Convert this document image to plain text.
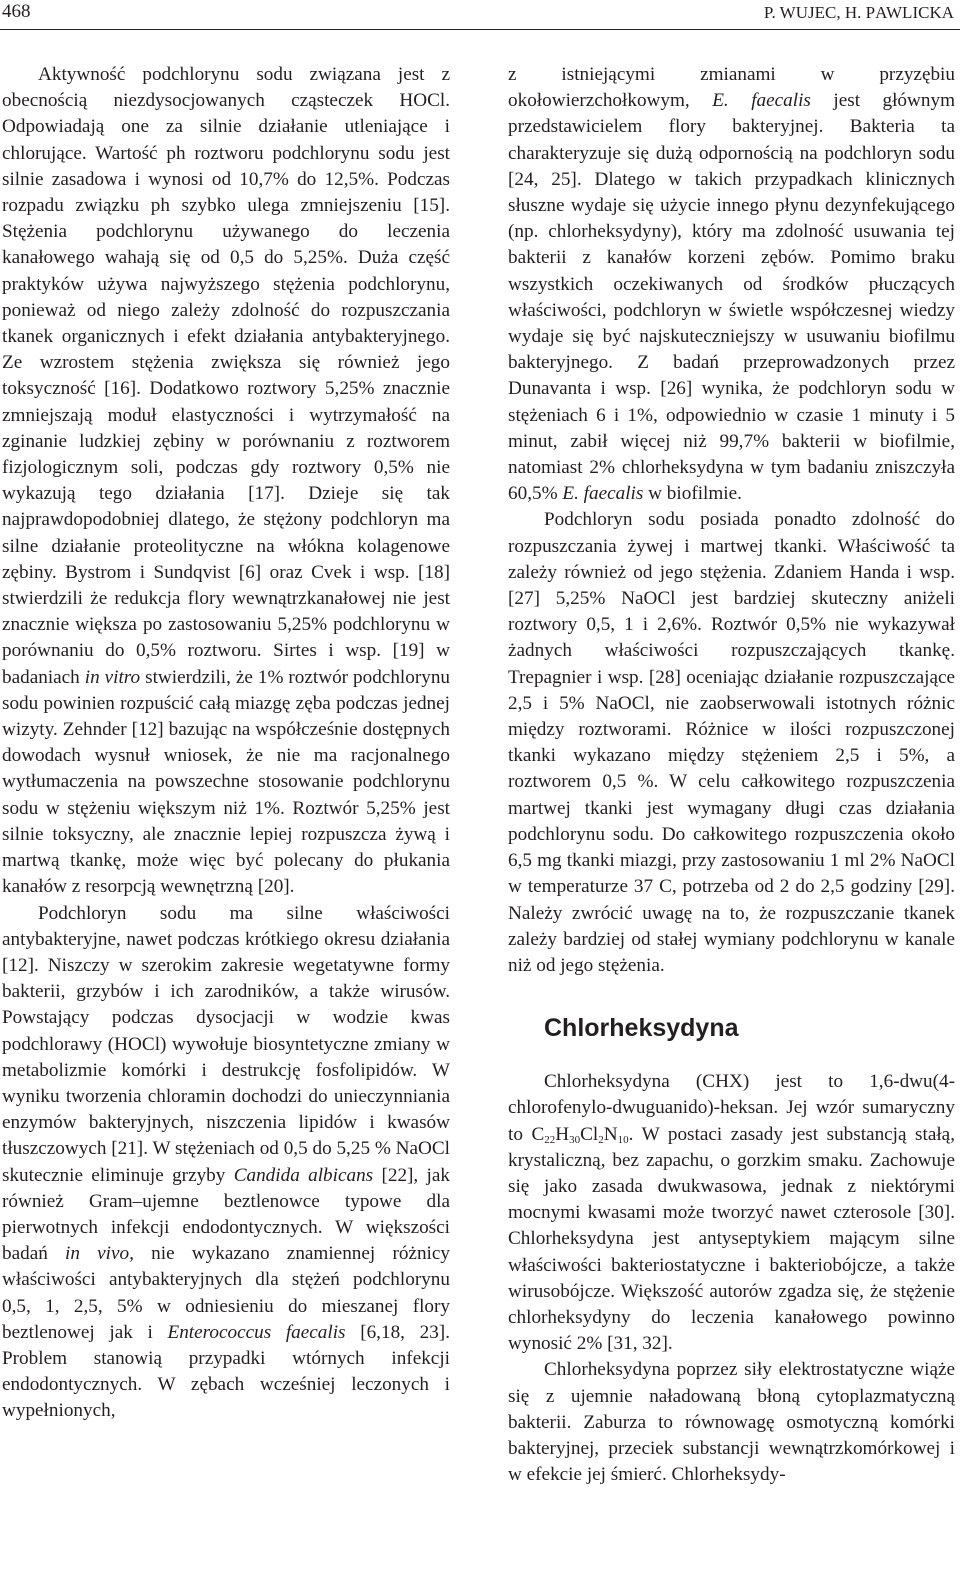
468	P. WUJEC, H. PAWLICKA

Aktywność podchlorynu sodu związana jest z obecnością niezdysocjowanych cząsteczek HOCl. Odpowiadają one za silnie działanie utleniające i chlorujące. Wartość ph roztworu podchlorynu sodu jest silnie zasadowa i wynosi od 10,7% do 12,5%. Podczas rozpadu związku ph szybko ulega zmniejszeniu [15]. Stężenia podchlorynu używanego do leczenia kanałowego wahają się od 0,5 do 5,25%. Duża część praktyków używa najwyższego stężenia podchlorynu, ponieważ od niego zależy zdolność do rozpuszczania tkanek organicznych i efekt działania antybakteryjnego. Ze wzrostem stężenia zwiększa się również jego toksyczność [16]. Dodatkowo roztwory 5,25% znacznie zmniejszają moduł elastyczności i wytrzymałość na zginanie ludzkiej zębiny w porównaniu z roztworem fizjologicznym soli, podczas gdy roztwory 0,5% nie wykazują tego działania [17]. Dzieje się tak najprawdopodobniej dlatego, że stężony podchloryn ma silne działanie proteolityczne na włókna kolagenowe zębiny. Bystrom i Sundqvist [6] oraz Cvek i wsp. [18] stwierdzili że redukcja flory wewnątrzkanałowej nie jest znacznie większa po zastosowaniu 5,25% podchlorynu w porównaniu do 0,5% roztworu. Sirtes i wsp. [19] w badaniach in vitro stwierdzili, że 1% roztwór podchlorynu sodu powinien rozpuścić całą miazgę zęba podczas jednej wizyty. Zehnder [12] bazując na współcześnie dostępnych dowodach wysnuł wniosek, że nie ma racjonalnego wytłumaczenia na powszechne stosowanie podchlorynu sodu w stężeniu większym niż 1%. Roztwór 5,25% jest silnie toksyczny, ale znacznie lepiej rozpuszcza żywą i martwą tkankę, może więc być polecany do płukania kanałów z resorpcją wewnętrzną [20].

Podchloryn sodu ma silne właściwości antybakteryjne, nawet podczas krótkiego okresu działania [12]. Niszczy w szerokim zakresie wegetatywne formy bakterii, grzybów i ich zarodników, a także wirusów. Powstający podczas dysocjacji w wodzie kwas podchlorawy (HOCl) wywołuje biosyntetyczne zmiany w metabolizmie komórki i destrukcję fosfolipidów. W wyniku tworzenia chloramin dochodzi do unieczynniania enzymów bakteryjnych, niszczenia lipidów i kwasów tłuszczowych [21]. W stężeniach od 0,5 do 5,25 % NaOCl skutecznie eliminuje grzyby Candida albicans [22], jak również Gram–ujemne beztlenowce typowe dla pierwotnych infekcji endodontycznych. W większości badań in vivo, nie wykazano znamiennej różnicy właściwości antybakteryjnych dla stężeń podchlorynu 0,5, 1, 2,5, 5% w odniesieniu do mieszanej flory beztlenowej jak i Enterococcus faecalis [6,18, 23]. Problem stanowią przypadki wtórnych infekcji endodontycznych. W zębach wcześniej leczonych i wypełnionych,

z istniejącymi zmianami w przyzębiu okołowierzchołkowym, E. faecalis jest głównym przedstawicielem flory bakteryjnej. Bakteria ta charakteryzuje się dużą odpornością na podchloryn sodu [24, 25]. Dlatego w takich przypadkach klinicznych słuszne wydaje się użycie innego płynu dezynfekującego (np. chlorheksydyny), który ma zdolność usuwania tej bakterii z kanałów korzeni zębów. Pomimo braku wszystkich oczekiwanych od środków płuczących właściwości, podchloryn w świetle współczesnej wiedzy wydaje się być najskuteczniejszy w usuwaniu biofilmu bakteryjnego. Z badań przeprowadzonych przez Dunavanta i wsp. [26] wynika, że podchloryn sodu w stężeniach 6 i 1%, odpowiednio w czasie 1 minuty i 5 minut, zabił więcej niż 99,7% bakterii w biofilmie, natomiast 2% chlorheksydyna w tym badaniu zniszczyła 60,5% E. faecalis w biofilmie.

Podchloryn sodu posiada ponadto zdolność do rozpuszczania żywej i martwej tkanki. Właściwość ta zależy również od jego stężenia. Zdaniem Handa i wsp. [27] 5,25% NaOCl jest bardziej skuteczny aniżeli roztwory 0,5, 1 i 2,6%. Roztwór 0,5% nie wykazywał żadnych właściwości rozpuszczających tkankę. Trepagnier i wsp. [28] oceniając działanie rozpuszczające 2,5 i 5% NaOCl, nie zaobserwowali istotnych różnic między roztworami. Różnice w ilości rozpuszczonej tkanki wykazano między stężeniem 2,5 i 5%, a roztworem 0,5 %. W celu całkowitego rozpuszczenia martwej tkanki jest wymagany długi czas działania podchlorynu sodu. Do całkowitego rozpuszczenia około 6,5 mg tkanki miazgi, przy zastosowaniu 1 ml 2% NaOCl w temperaturze 37 C, potrzeba od 2 do 2,5 godziny [29]. Należy zwrócić uwagę na to, że rozpuszczanie tkanek zależy bardziej od stałej wymiany podchlorynu w kanale niż od jego stężenia.

Chlorheksydyna

Chlorheksydyna (CHX) jest to 1,6-dwu(4-chlorofenylo-dwuguanido)-heksan. Jej wzór sumaryczny to $C_{22}H_{30}Cl_2N_{10}$. W postaci zasady jest substancją stałą, krystaliczną, bez zapachu, o gorzkim smaku. Zachowuje się jako zasada dwukwasowa, jednak z niektórymi mocnymi kwasami może tworzyć nawet czterosole [30]. Chlorheksydyna jest antyseptykiem mającym silne właściwości bakteriostatyczne i bakteriobójcze, a także wirusobójcze. Większość autorów zgadza się, że stężenie chlorheksydyny do leczenia kanałowego powinno wynosić 2% [31, 32].

Chlorheksydyna poprzez siły elektrostatyczne wiąże się z ujemnie naładowaną błoną cytoplazmatyczną bakterii. Zaburza to równowagę osmotyczną komórki bakteryjnej, przeciek substancji wewnątrzkomórkowej i w efekcie jej śmierć. Chlorheksydy-
